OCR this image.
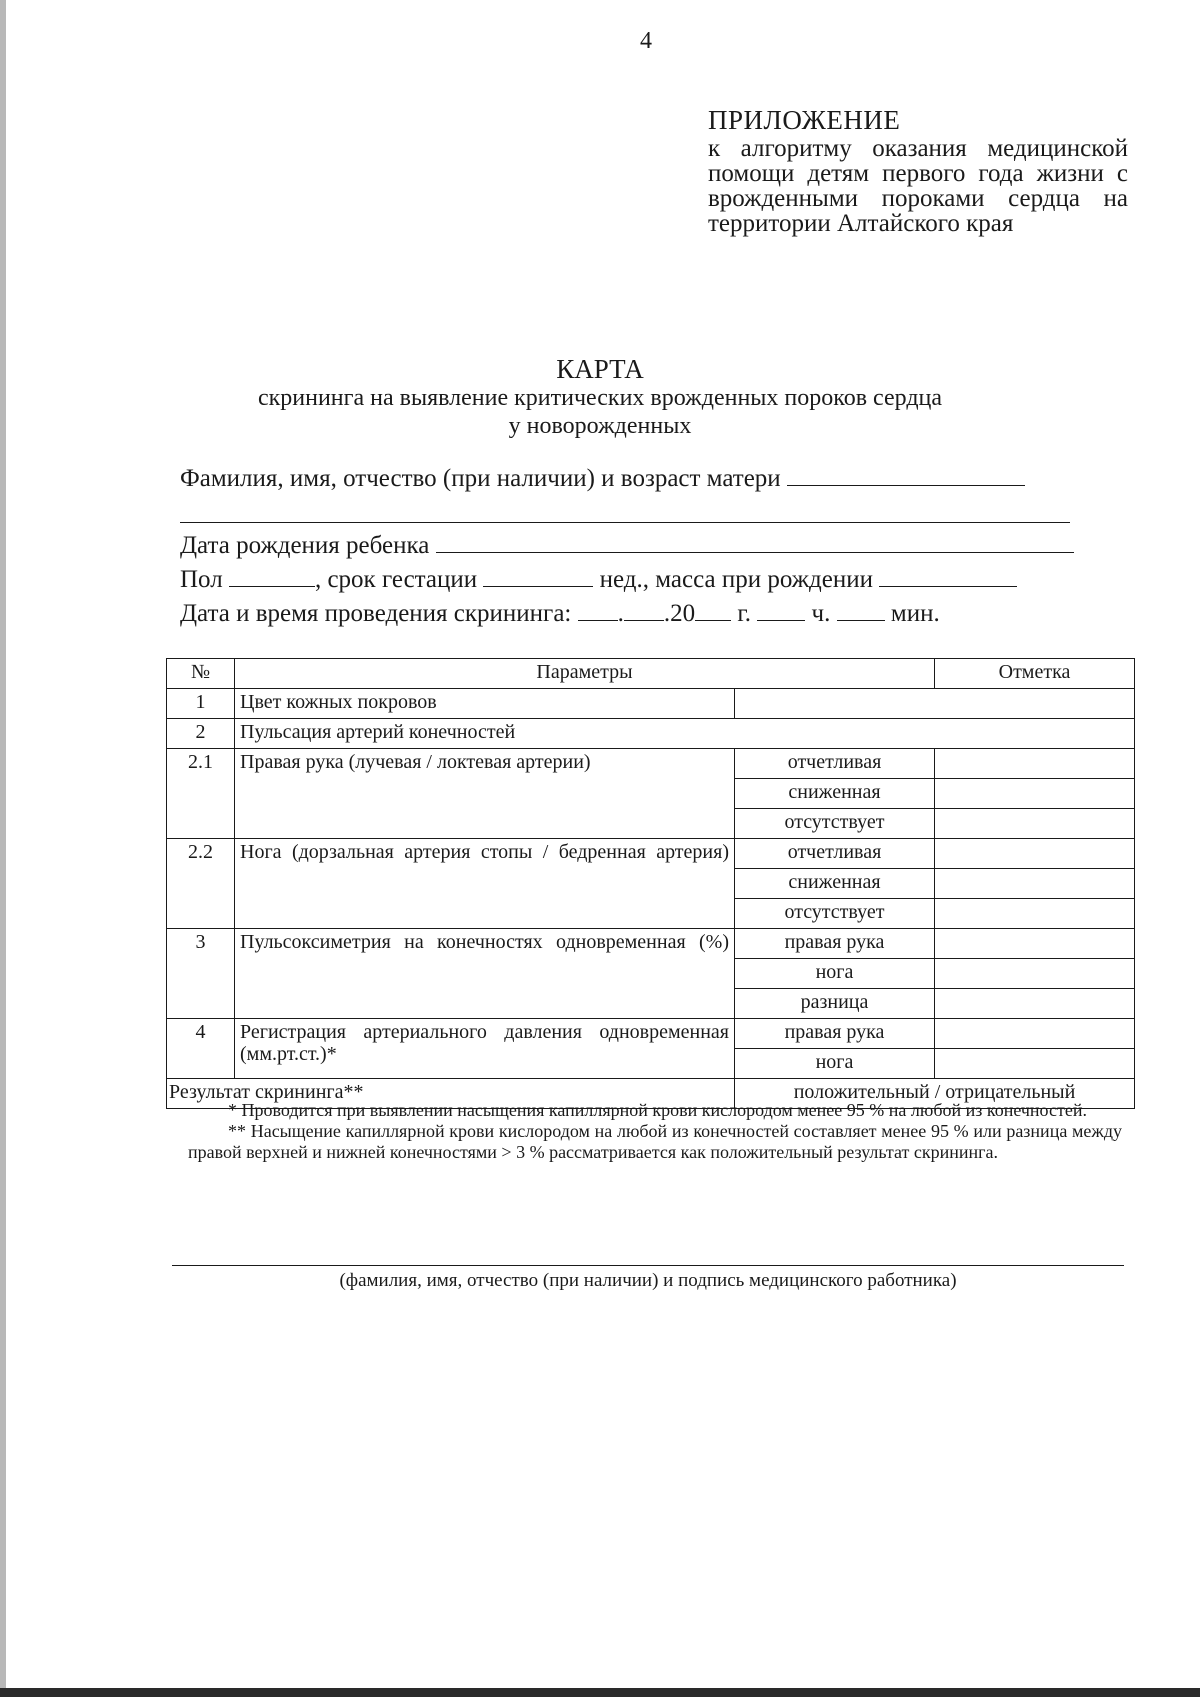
4
ПРИЛОЖЕНИЕ
к алгоритму оказания медицинской помощи детям первого года жизни с врожденными пороками сердца на территории Алтайского края
КАРТА
скрининга на выявление критических врожденных пороков сердца
у новорожденных
Фамилия, имя, отчество (при наличии) и возраст матери
Дата рождения ребенка
Пол	, срок гестации	нед., масса при рождении
Дата и время проведения скрининга: . .20 г. ч. мин.
№	Параметры		Отметка
1	Цвет кожных покровов		
2	Пульсация артерий конечностей		
2.1	Правая рука (лучевая / локтевая артерии)	отчетливая	
		сниженная	
		отсутствует	
2.2	Нога (дорзальная артерия стопы / бедренная артерия)	отчетливая	
		сниженная	
		отсутствует	
3	Пульсоксиметрия на конечностях одновременная (%)	правая рука	
		нога	
		разница	
4	Регистрация артериального давления одновременная (мм.рт.ст.)*	правая рука	
		нога	
Результат скрининга**		положительный / отрицательный	

* Проводится при выявлении насыщения капиллярной крови кислородом менее 95 % на любой из конечностей.

** Насыщение капиллярной крови кислородом на любой из конечностей составляет менее 95 % или разница между правой верхней и нижней конечностями > 3 % рассматривается как положительный результат скрининга.

(фамилия, имя, отчество (при наличии) и подпись медицинского работника)
